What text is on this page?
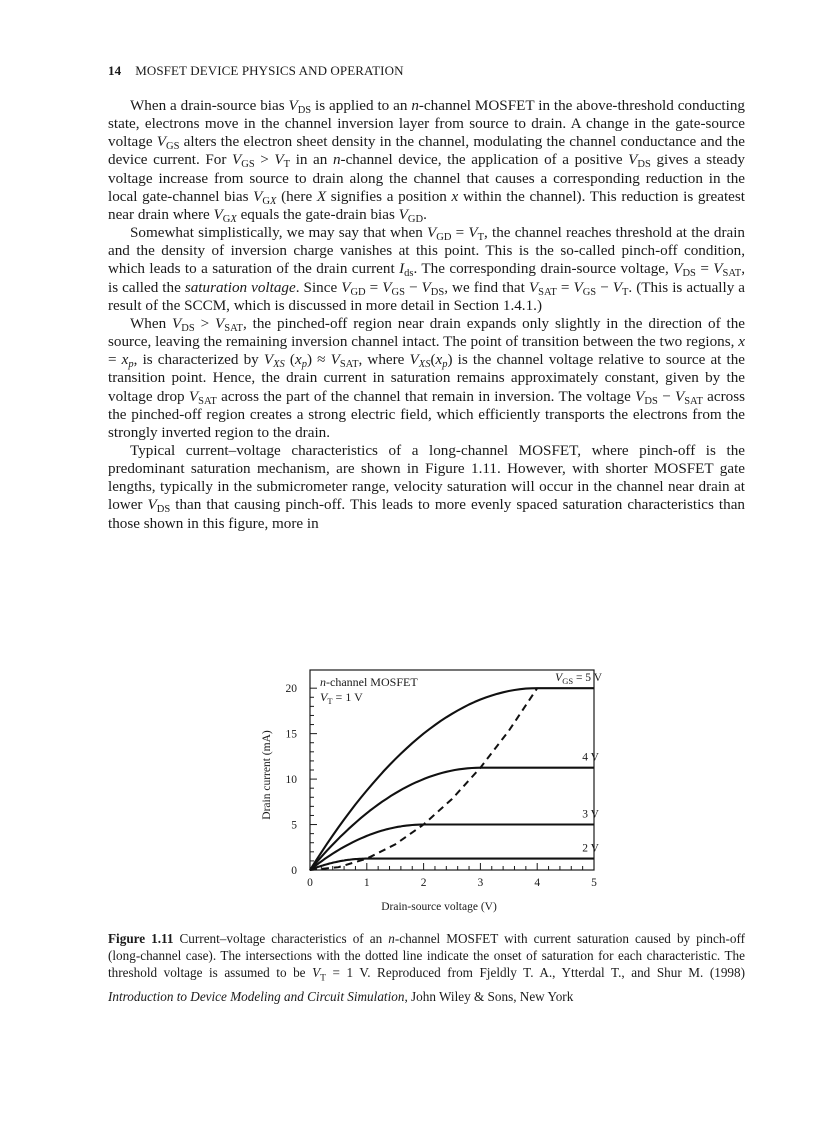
14 MOSFET DEVICE PHYSICS AND OPERATION

When a drain-source bias $V_{DS}$ is applied to an n-channel MOSFET in the above-threshold conducting state, electrons move in the channel inversion layer from source to drain. A change in the gate-source voltage $V_{GS}$ alters the electron sheet density in the channel, modulating the channel conductance and the device current. For $V_{GS} > V_T$ in an n-channel device, the application of a positive $V_{DS}$ gives a steady voltage increase from source to drain along the channel that causes a corresponding reduction in the local gate-channel bias $V_{GX}$ (here X signifies a position x within the channel). This reduction is greatest near drain where $V_{GX}$ equals the gate-drain bias $V_{GD}$.

Somewhat simplistically, we may say that when $V_{GD} = V_T$, the channel reaches threshold at the drain and the density of inversion charge vanishes at this point. This is the so-called pinch-off condition, which leads to a saturation of the drain current $I_{ds}$. The corresponding drain-source voltage, $V_{DS} = V_{SAT}$, is called the saturation voltage. Since $V_{GD} = V_{GS} - V_{DS}$, we find that $V_{SAT} = V_{GS} - V_T$. (This is actually a result of the SCCM, which is discussed in more detail in Section 1.4.1.)

When $V_{DS} > V_{SAT}$, the pinched-off region near drain expands only slightly in the direction of the source, leaving the remaining inversion channel intact. The point of transition between the two regions, $x = x_p$, is characterized by $V_{XS}$ $(x_p) \approx V_{SAT}$, where $V_{XS}(x_p)$ is the channel voltage relative to source at the transition point. Hence, the drain current in saturation remains approximately constant, given by the voltage drop $V_{SAT}$ across the part of the channel that remain in inversion. The voltage $V_{DS} - V_{SAT}$ across the pinched-off region creates a strong electric field, which efficiently transports the electrons from the strongly inverted region to the drain.

Typical current–voltage characteristics of a long-channel MOSFET, where pinch-off is the predominant saturation mechanism, are shown in Figure 1.11. However, with shorter MOSFET gate lengths, typically in the submicrometer range, velocity saturation will occur in the channel near drain at lower $V_{DS}$ than that causing pinch-off. This leads to more evenly spaced saturation characteristics than those shown in this figure, more in

0	1	2	3	4	5
0
5
10
15
20
$V_{GS} = 5$ V
4 V
3 V
2 V
Drain-source voltage (V)
Drain current (mA)
n-channel MOSFET
$V_T = 1$ V
Figure 1.11 Current–voltage characteristics of an n-channel MOSFET with current saturation caused by pinch-off (long-channel case). The intersections with the dotted line indicate the onset of saturation for each characteristic. The threshold voltage is assumed to be $V_T = 1$ V. Reproduced from Fjeldly T. A., Ytterdal T., and Shur M. (1998) Introduction to Device Modeling and Circuit Simulation, John Wiley & Sons, New York
